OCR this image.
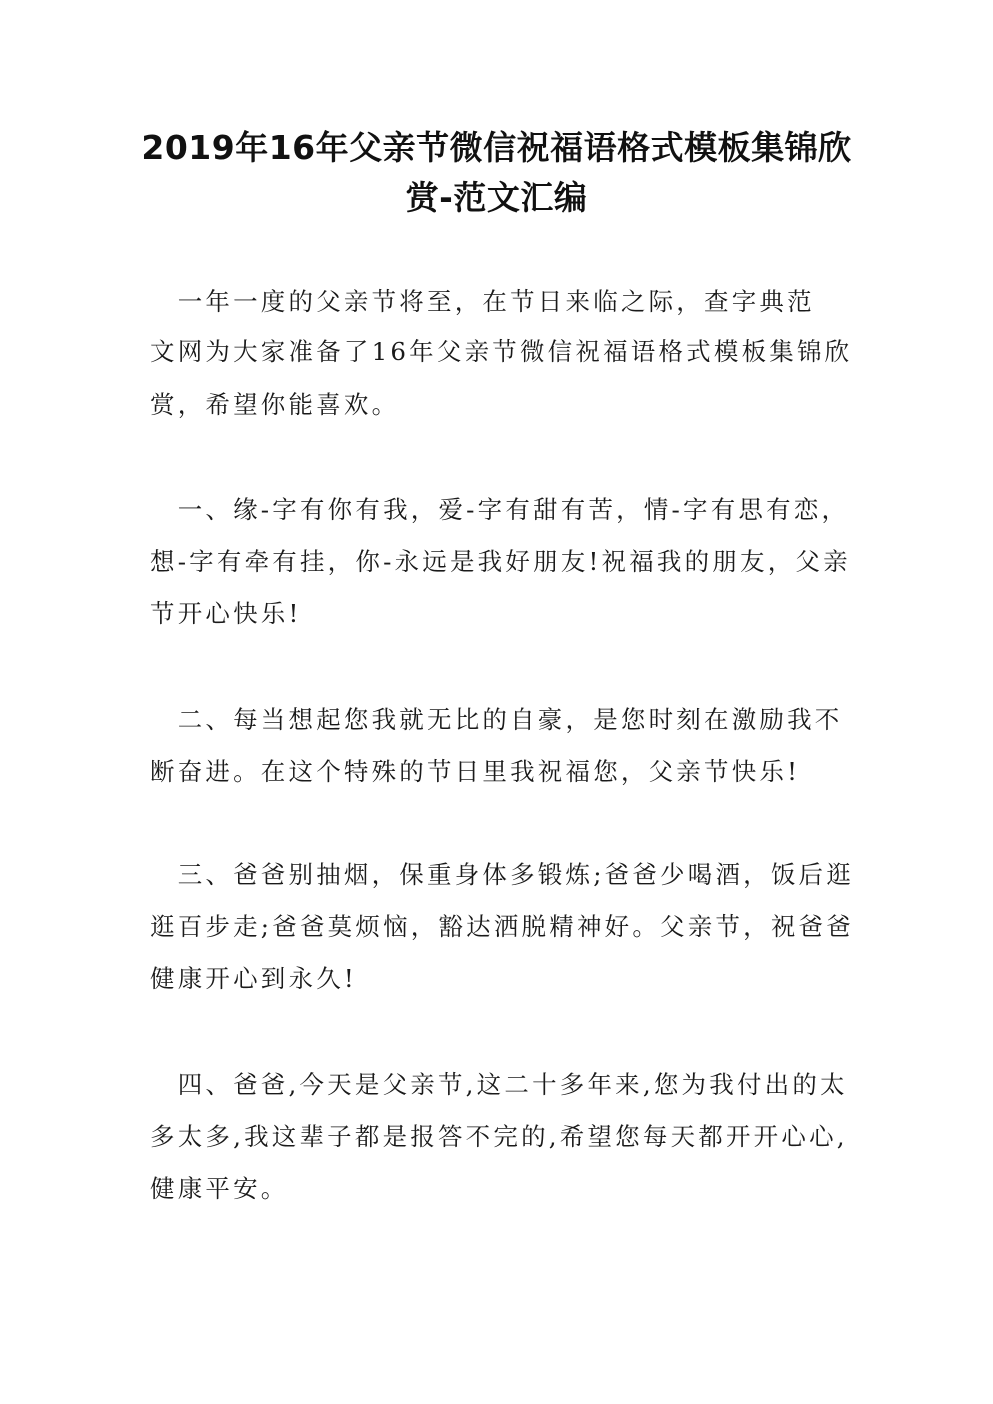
2019年16年父亲节微信祝福语格式模板集锦欣
赏-范文汇编
　一年一度的父亲节将至，在节日来临之际，查字典范
文网为大家准备了16年父亲节微信祝福语格式模板集锦欣
赏，希望你能喜欢。
　一、缘-字有你有我，爱-字有甜有苦，情-字有思有恋，
想-字有牵有挂，你-永远是我好朋友!祝福我的朋友，父亲
节开心快乐!
　二、每当想起您我就无比的自豪，是您时刻在激励我不
断奋进。在这个特殊的节日里我祝福您，父亲节快乐!
　三、爸爸别抽烟，保重身体多锻炼;爸爸少喝酒，饭后逛
逛百步走;爸爸莫烦恼，豁达洒脱精神好。父亲节，祝爸爸
健康开心到永久!
　四、爸爸,今天是父亲节,这二十多年来,您为我付出的太
多太多,我这辈子都是报答不完的,希望您每天都开开心心,
健康平安。
